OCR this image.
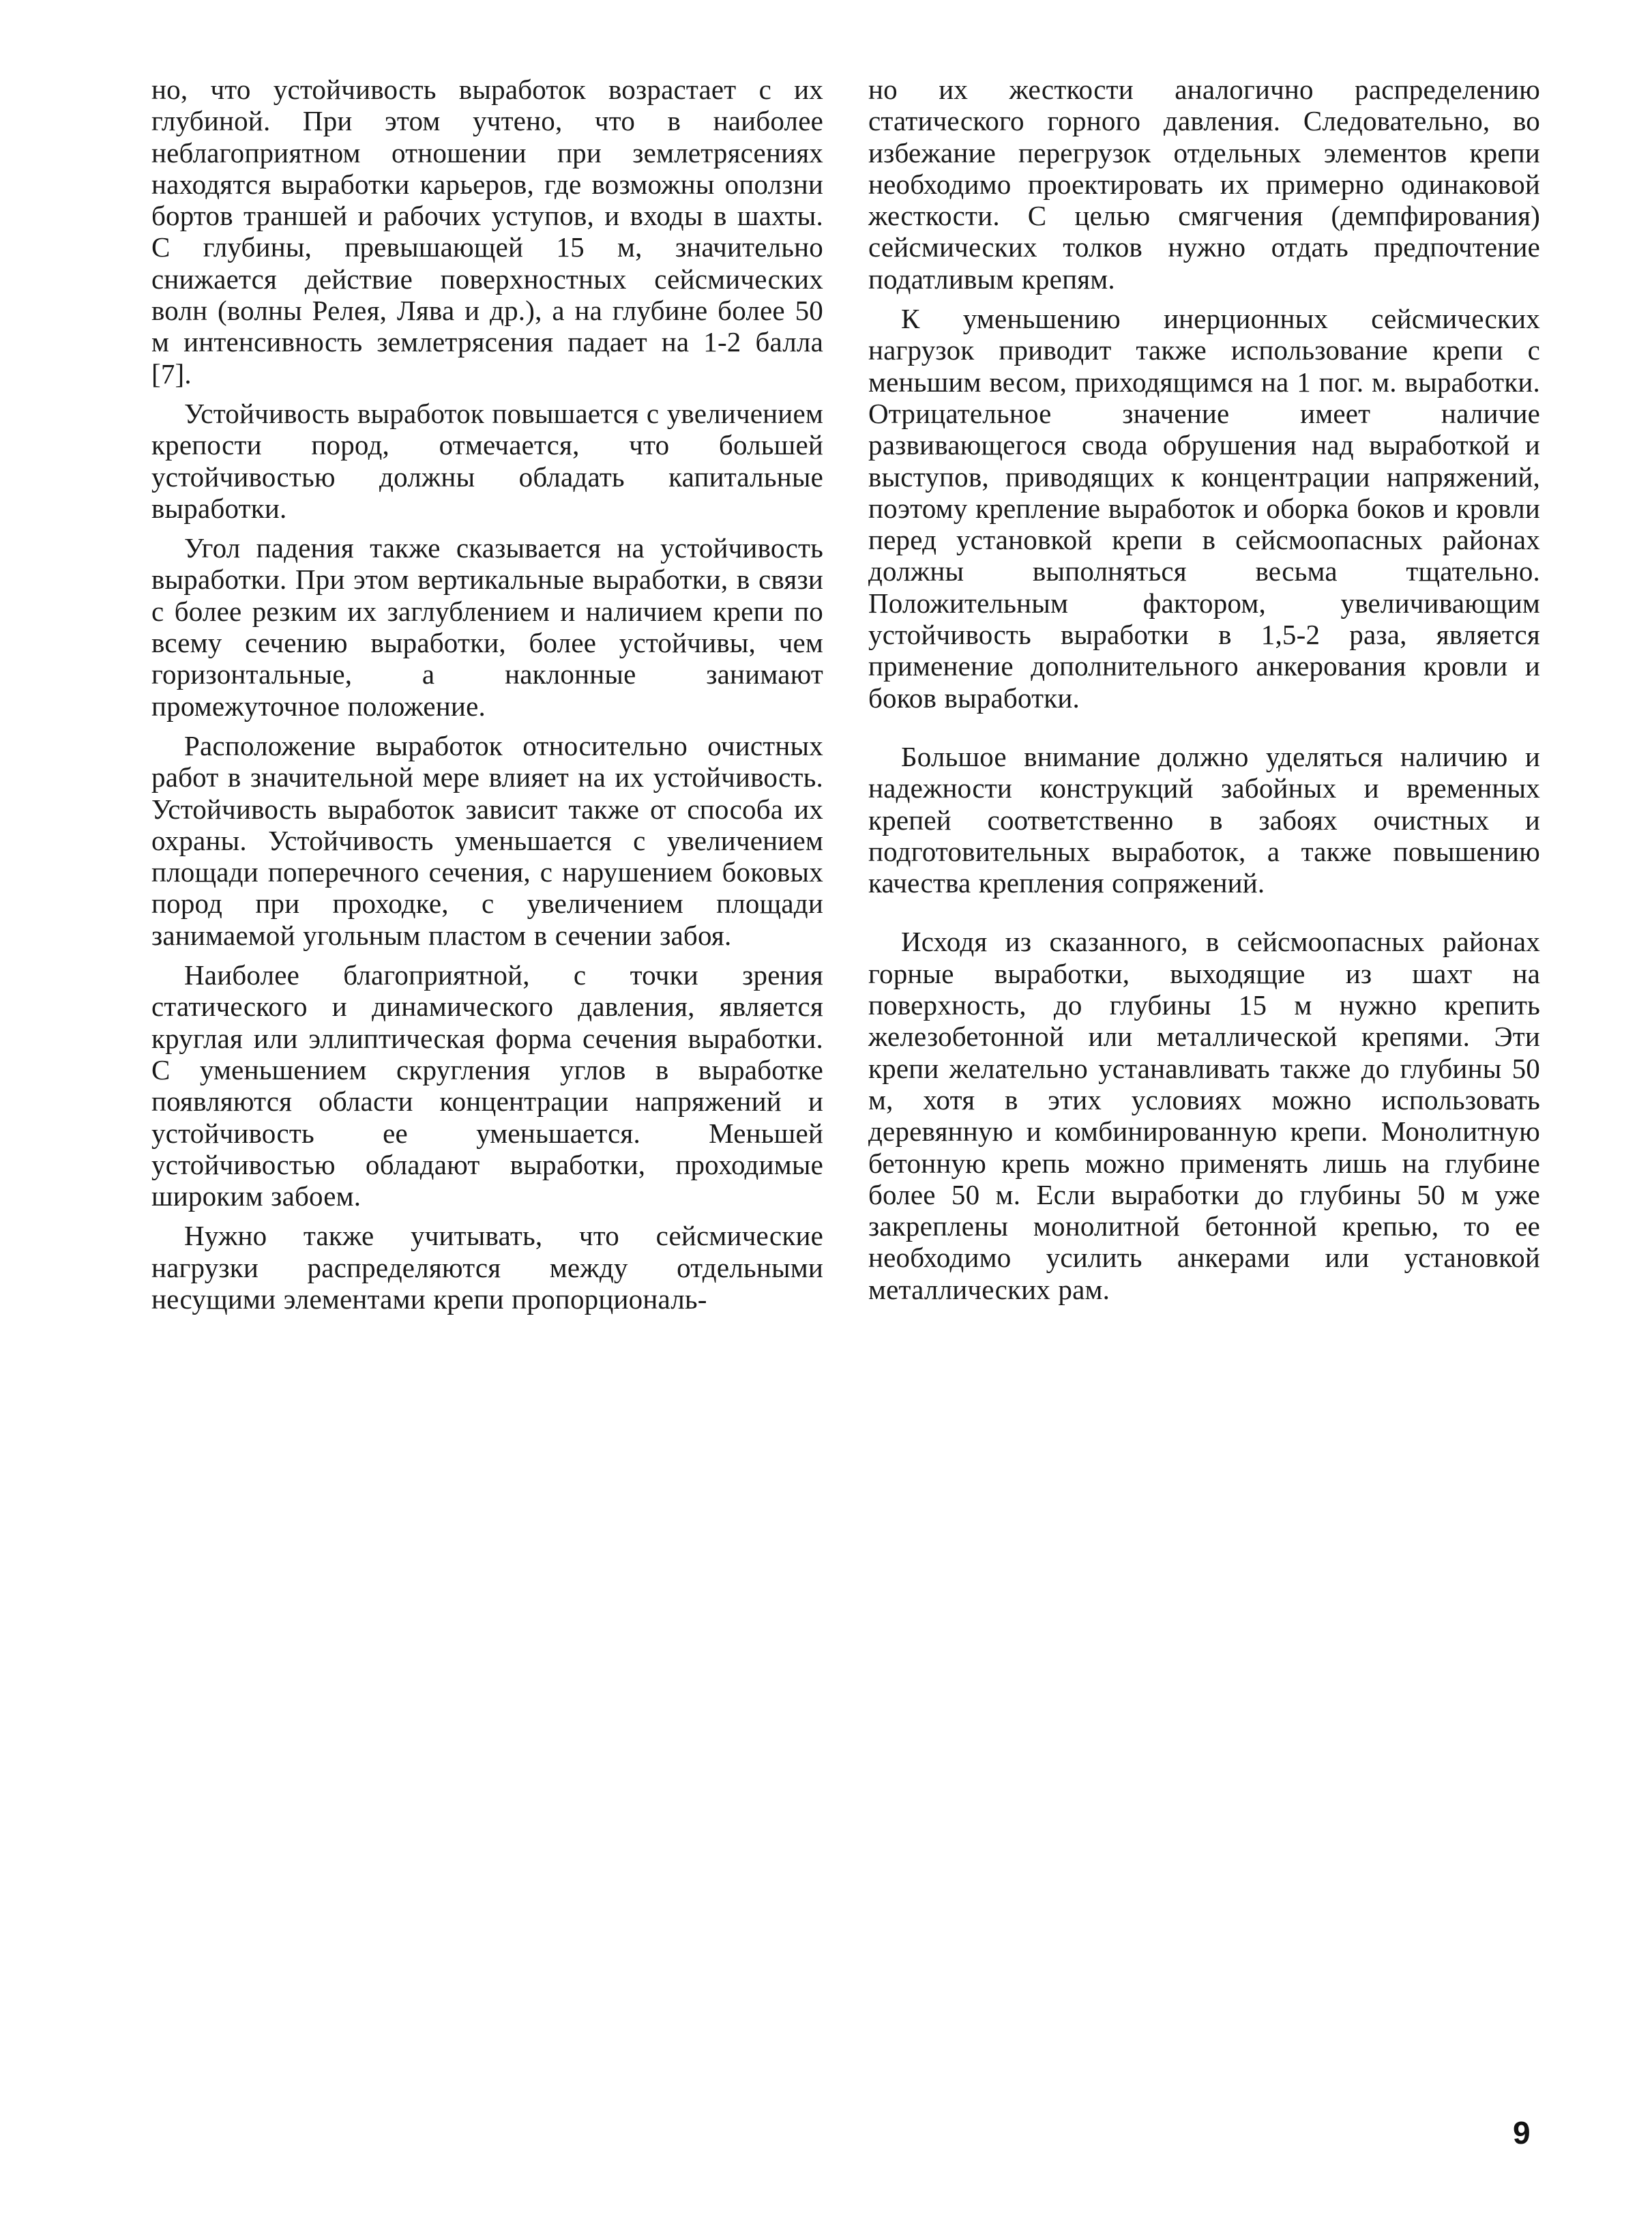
но, что устойчивость выработок возрастает с их глубиной. При этом учтено, что в наиболее неблагоприятном отношении при землетрясениях находятся выработки карьеров, где возможны оползни бортов траншей и рабочих уступов, и входы в шахты. С глубины, превышающей 15 м, значительно снижается действие поверхностных сейсмических волн (волны Релея, Лява и др.), а на глубине более 50 м интенсивность землетрясения падает на 1-2 балла [7].

Устойчивость выработок повышается с увеличением крепости пород, отмечается, что большей устойчивостью должны обладать капитальные выработки.

Угол падения также сказывается на устойчивость выработки. При этом вертикальные выработки, в связи с более резким их заглублением и наличием крепи по всему сечению выработки, более устойчивы, чем горизонтальные, а наклонные занимают промежуточное положение.

Расположение выработок относительно очистных работ в значительной мере влияет на их устойчивость. Устойчивость выработок зависит также от способа их охраны. Устойчивость уменьшается с увеличением площади поперечного сечения, с нарушением боковых пород при проходке, с увеличением площади занимаемой угольным пластом в сечении забоя.

Наиболее благоприятной, с точки зрения статического и динамического давления, является круглая или эллиптическая форма сечения выработки. С уменьшением скругления углов в выработке появляются области концентрации напряжений и устойчивость ее уменьшается. Меньшей устойчивостью обладают выработки, проходимые широким забоем.

Нужно также учитывать, что сейсмические нагрузки распределяются между отдельными несущими элементами крепи пропорциональ-

но их жесткости аналогично распределению статического горного давления. Следовательно, во избежание перегрузок отдельных элементов крепи необходимо проектировать их примерно одинаковой жесткости. С целью смягчения (демпфирования) сейсмических толков нужно отдать предпочтение податливым крепям.

К уменьшению инерционных сейсмических нагрузок приводит также использование крепи с меньшим весом, приходящимся на 1 пог. м. выработки. Отрицательное значение имеет наличие развивающегося свода обрушения над выработкой и выступов, приводящих к концентрации напряжений, поэтому крепление выработок и оборка боков и кровли перед установкой крепи в сейсмоопасных районах должны выполняться весьма тщательно. Положительным фактором, увеличивающим устойчивость выработки в 1,5-2 раза, является применение дополнительного анкерования кровли и боков выработки.

Большое внимание должно уделяться наличию и надежности конструкций забойных и временных крепей соответственно в забоях очистных и подготовительных выработок, а также повышению качества крепления сопряжений.

Исходя из сказанного, в сейсмоопасных районах горные выработки, выходящие из шахт на поверхность, до глубины 15 м нужно крепить железобетонной или металлической крепями. Эти крепи желательно устанавливать также до глубины 50 м, хотя в этих условиях можно использовать деревянную и комбинированную крепи. Монолитную бетонную крепь можно применять лишь на глубине более 50 м. Если выработки до глубины 50 м уже закреплены монолитной бетонной крепью, то ее необходимо усилить анкерами или установкой металлических рам.

9
